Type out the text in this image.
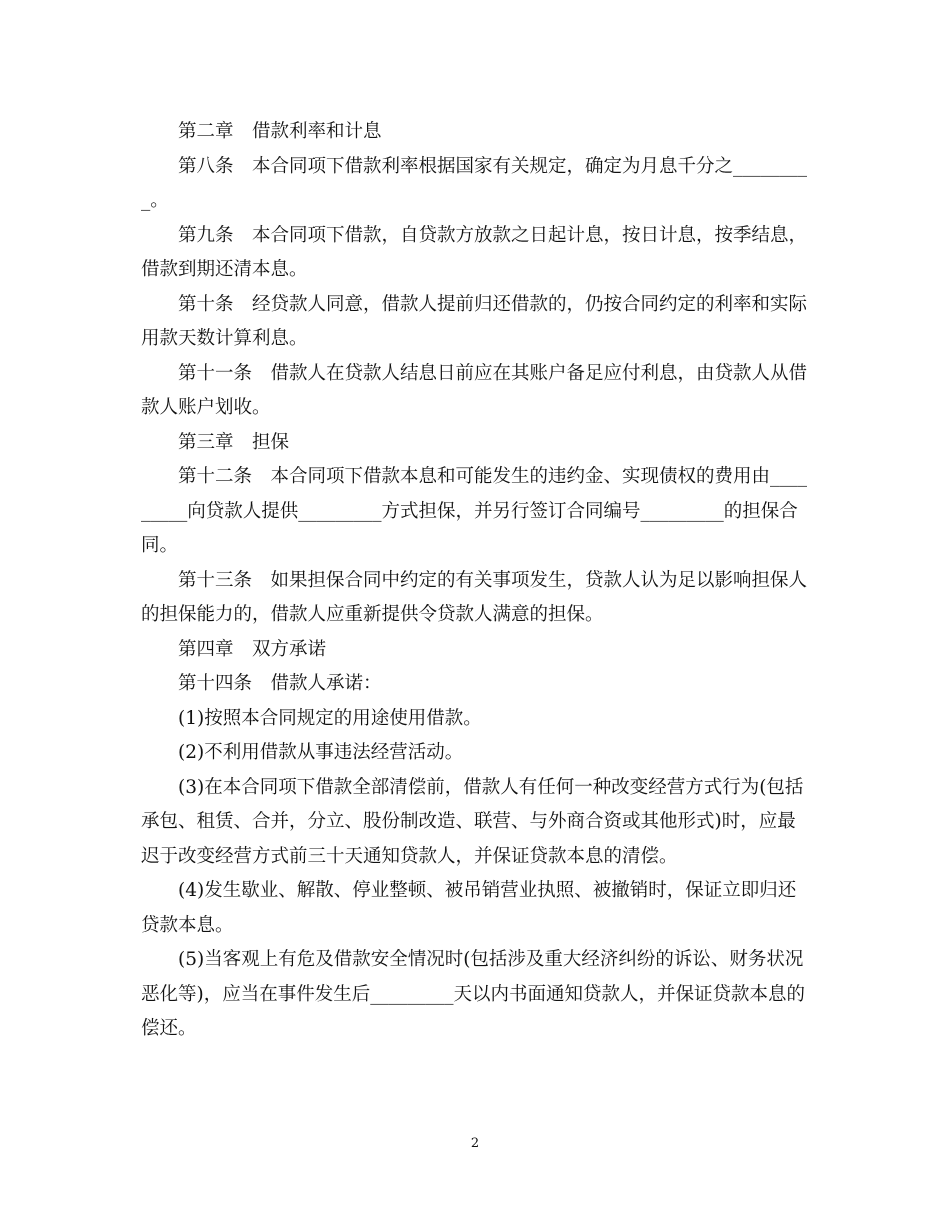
第二章　借款利率和计息

第八条　本合同项下借款利率根据国家有关规定，确定为月息千分之_________。

第九条　本合同项下借款，自贷款方放款之日起计息，按日计息，按季结息，借款到期还清本息。

第十条　经贷款人同意，借款人提前归还借款的，仍按合同约定的利率和实际用款天数计算利息。

第十一条　借款人在贷款人结息日前应在其账户备足应付利息，由贷款人从借款人账户划收。

第三章　担保

第十二条　本合同项下借款本息和可能发生的违约金、实现债权的费用由_________向贷款人提供_________方式担保，并另行签订合同编号_________的担保合同。

第十三条　如果担保合同中约定的有关事项发生，贷款人认为足以影响担保人的担保能力的，借款人应重新提供令贷款人满意的担保。

第四章　双方承诺

第十四条　借款人承诺：

(1)按照本合同规定的用途使用借款。

(2)不利用借款从事违法经营活动。

(3)在本合同项下借款全部清偿前，借款人有任何一种改变经营方式行为(包括承包、租赁、合并，分立、股份制改造、联营、与外商合资或其他形式)时，应最迟于改变经营方式前三十天通知贷款人，并保证贷款本息的清偿。

(4)发生歇业、解散、停业整顿、被吊销营业执照、被撤销时，保证立即归还贷款本息。

(5)当客观上有危及借款安全情况时(包括涉及重大经济纠纷的诉讼、财务状况恶化等)，应当在事件发生后_________天以内书面通知贷款人，并保证贷款本息的偿还。

2
